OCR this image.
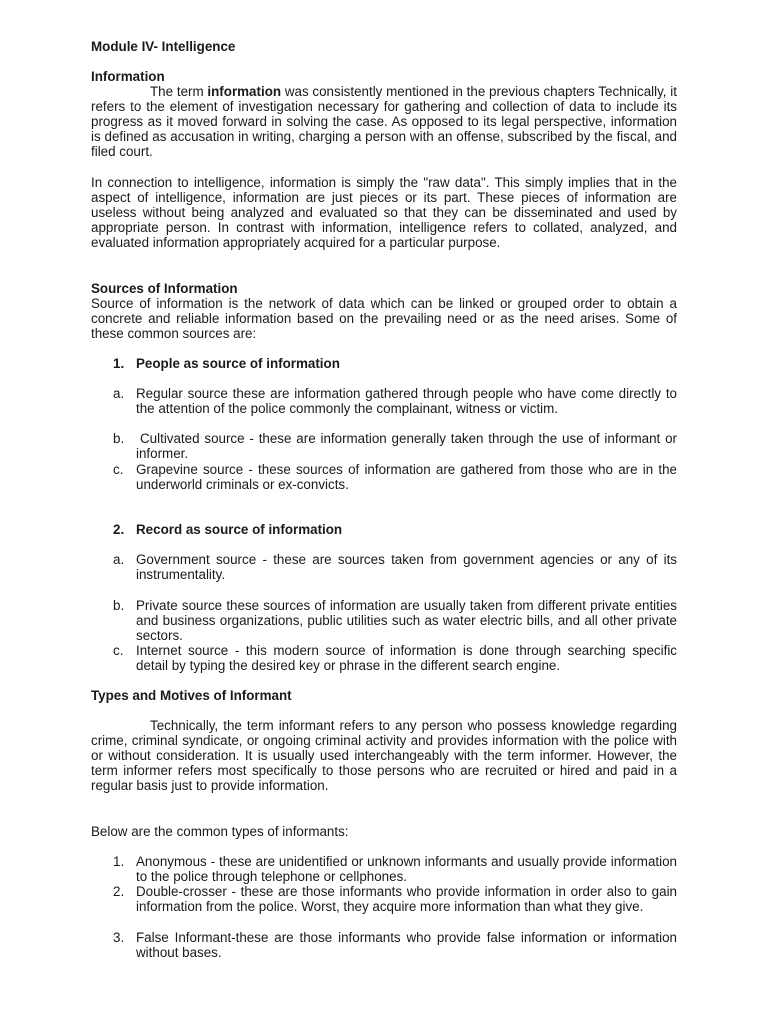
Module IV- Intelligence
Information

The term information was consistently mentioned in the previous chapters Technically, it refers to the element of investigation necessary for gathering and collection of data to include its progress as it moved forward in solving the case. As opposed to its legal perspective, information is defined as accusation in writing, charging a person with an offense, subscribed by the fiscal, and filed court.

In connection to intelligence, information is simply the "raw data". This simply implies that in the aspect of intelligence, information are just pieces or its part. These pieces of information are useless without being analyzed and evaluated so that they can be disseminated and used by appropriate person. In contrast with information, intelligence refers to collated, analyzed, and evaluated information appropriately acquired for a particular purpose.

Sources of Information

Source of information is the network of data which can be linked or grouped order to obtain a concrete and reliable information based on the prevailing need or as the need arises. Some of these common sources are:

1. People as source of information
a. Regular source these are information gathered through people who have come directly to the attention of the police commonly the complainant, witness or victim.

b. Cultivated source - these are information generally taken through the use of informant or informer.

c. Grapevine source - these sources of information are gathered from those who are in the underworld criminals or ex-convicts.

2. Record as source of information
a. Government source - these are sources taken from government agencies or any of its instrumentality.

b. Private source these sources of information are usually taken from different private entities and business organizations, public utilities such as water electric bills, and all other private sectors.

c. Internet source - this modern source of information is done through searching specific detail by typing the desired key or phrase in the different search engine.

Types and Motives of Informant

Technically, the term informant refers to any person who possess knowledge regarding crime, criminal syndicate, or ongoing criminal activity and provides information with the police with or without consideration. It is usually used interchangeably with the term informer. However, the term informer refers most specifically to those persons who are recruited or hired and paid in a regular basis just to provide information.

Below are the common types of informants:
1. Anonymous - these are unidentified or unknown informants and usually provide information to the police through telephone or cellphones.

2. Double-crosser - these are those informants who provide information in order also to gain information from the police. Worst, they acquire more information than what they give.

3. False Informant-these are those informants who provide false information or information without bases.
